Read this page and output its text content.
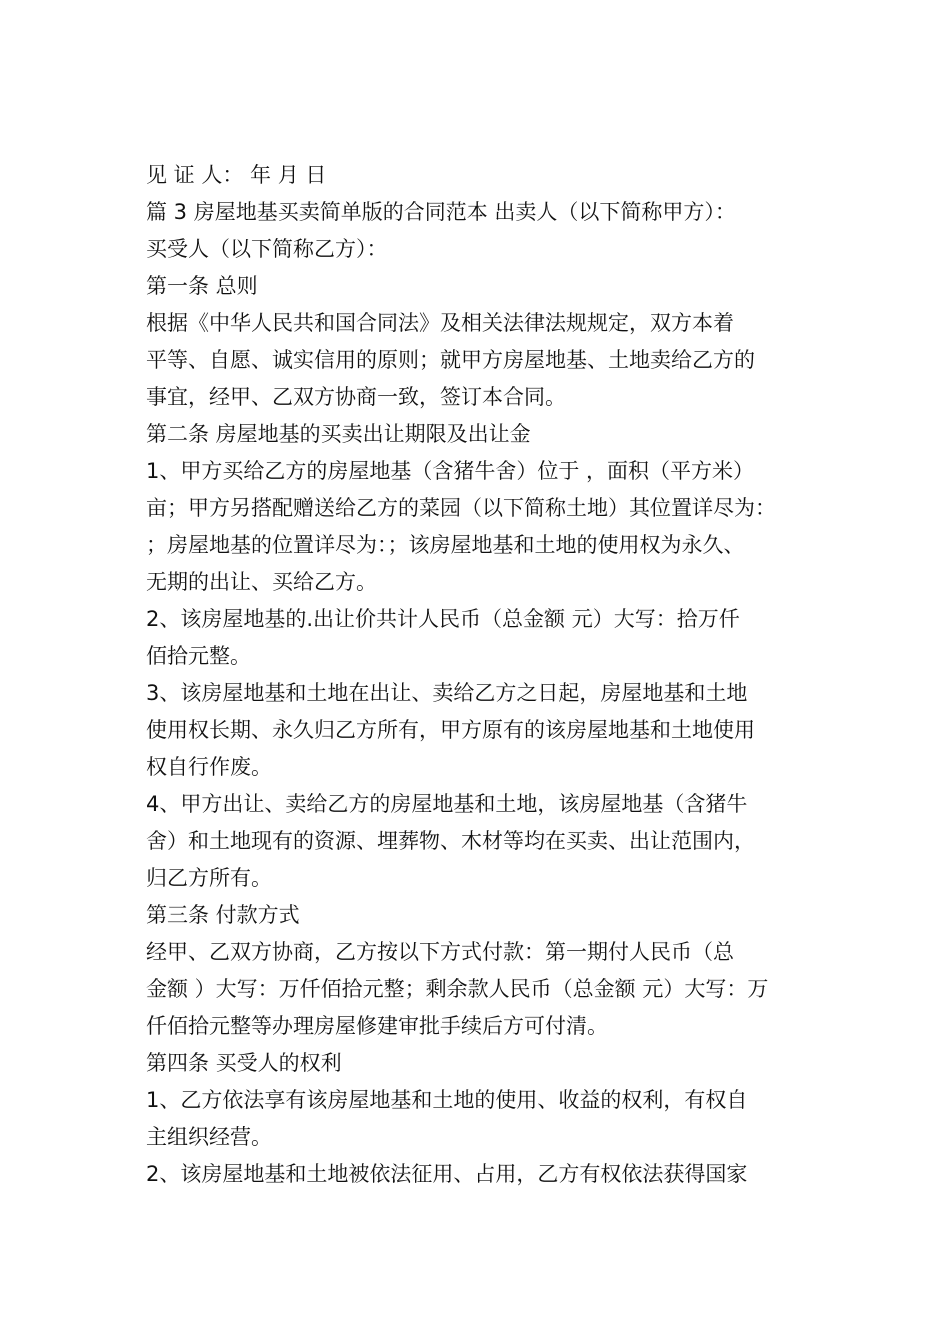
见 证 人： 年 月 日
篇 3 房屋地基买卖简单版的合同范本 出卖人（以下简称甲方）：
买受人（以下简称乙方）：
第一条 总则
根据《中华人民共和国合同法》及相关法律法规规定，双方本着
平等、自愿、诚实信用的原则；就甲方房屋地基、土地卖给乙方的
事宜，经甲、乙双方协商一致，签订本合同。
第二条 房屋地基的买卖出让期限及出让金
1、甲方买给乙方的房屋地基（含猪牛舍）位于 ，面积（平方米）
亩；甲方另搭配赠送给乙方的菜园（以下简称土地）其位置详尽为：
；房屋地基的位置详尽为：；该房屋地基和土地的使用权为永久、
无期的出让、买给乙方。
2、该房屋地基的.出让价共计人民币（总金额 元）大写：拾万仟
佰拾元整。
3、该房屋地基和土地在出让、卖给乙方之日起，房屋地基和土地
使用权长期、永久归乙方所有，甲方原有的该房屋地基和土地使用
权自行作废。
4、甲方出让、卖给乙方的房屋地基和土地，该房屋地基（含猪牛
舍）和土地现有的资源、埋葬物、木材等均在买卖、出让范围内，
归乙方所有。
第三条 付款方式
经甲、乙双方协商，乙方按以下方式付款：第一期付人民币（总
金额 ）大写：万仟佰拾元整；剩余款人民币（总金额 元）大写：万
仟佰拾元整等办理房屋修建审批手续后方可付清。
第四条 买受人的权利
1、乙方依法享有该房屋地基和土地的使用、收益的权利，有权自
主组织经营。
2、该房屋地基和土地被依法征用、占用，乙方有权依法获得国家
